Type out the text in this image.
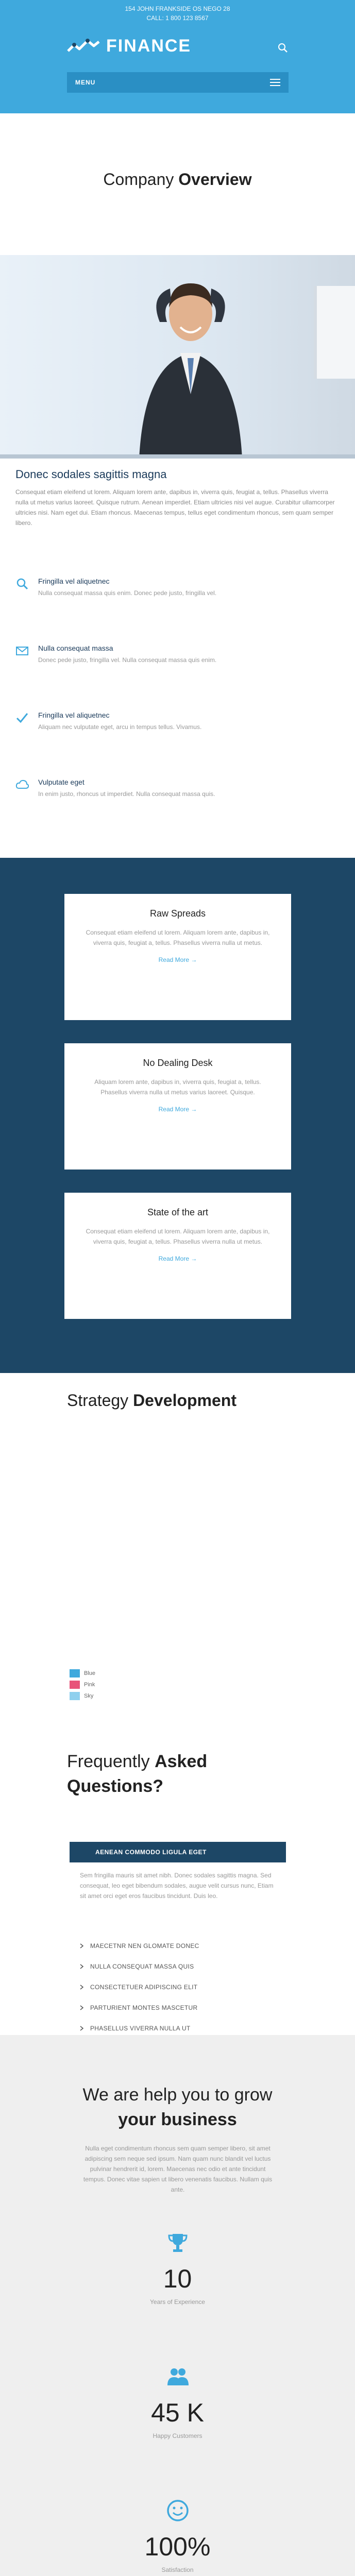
154 JOHN FRANKSIDE OS NEGO 28
CALL: 1 800 123 8567
FINANCE
MENU
Company Overview
Donec sodales sagittis magna
Consequat etiam eleifend ut lorem. Aliquam lorem ante, dapibus in, viverra quis, feugiat a, tellus. Phasellus viverra nulla ut metus varius laoreet. Quisque rutrum. Aenean imperdiet. Etiam ultricies nisi vel augue. Curabitur ullamcorper ultricies nisi. Nam eget dui. Etiam rhoncus. Maecenas tempus, tellus eget condimentum rhoncus, sem quam semper libero.
Fringilla vel aliquetnec
Nulla consequat massa quis enim. Donec pede justo, fringilla vel.
Nulla consequat massa
Donec pede justo, fringilla vel. Nulla consequat massa quis enim.
Fringilla vel aliquetnec
Aliquam nec vulputate eget, arcu in tempus tellus. Vivamus.
Vulputate eget
In enim justo, rhoncus ut imperdiet. Nulla consequat massa quis.
Raw Spreads
Consequat etiam eleifend ut lorem. Aliquam lorem ante, dapibus in, viverra quis, feugiat a, tellus. Phasellus viverra nulla ut metus.
Read More →
No Dealing Desk
Aliquam lorem ante, dapibus in, viverra quis, feugiat a, tellus. Phasellus viverra nulla ut metus varius laoreet. Quisque.
Read More →
State of the art
Consequat etiam eleifend ut lorem. Aliquam lorem ante, dapibus in, viverra quis, feugiat a, tellus. Phasellus viverra nulla ut metus.
Read More →
Strategy Development
Blue
Pink
Sky
Frequently Asked
Questions?
AENEAN COMMODO LIGULA EGET
Sem fringilla mauris sit amet nibh. Donec sodales sagittis magna. Sed consequat, leo eget bibendum sodales, augue velit cursus nunc, Etiam sit amet orci eget eros faucibus tincidunt. Duis leo.
MAECETNR NEN GLOMATE DONEC
NULLA CONSEQUAT MASSA QUIS
CONSECTETUER ADIPISCING ELIT
PARTURIENT MONTES MASCETUR
PHASELLUS VIVERRA NULLA UT
We are help you to grow
your business
Nulla eget condimentum rhoncus sem quam semper libero, sit amet adipiscing sem neque sed ipsum. Nam quam nunc blandit vel luctus pulvinar hendrerit id, lorem. Maecenas nec odio et ante tincidunt tempus. Donec vitae sapien ut libero venenatis faucibus. Nullam quis ante.
10
Years of Experience
45 K
Happy Customers
100%
Satisfaction
